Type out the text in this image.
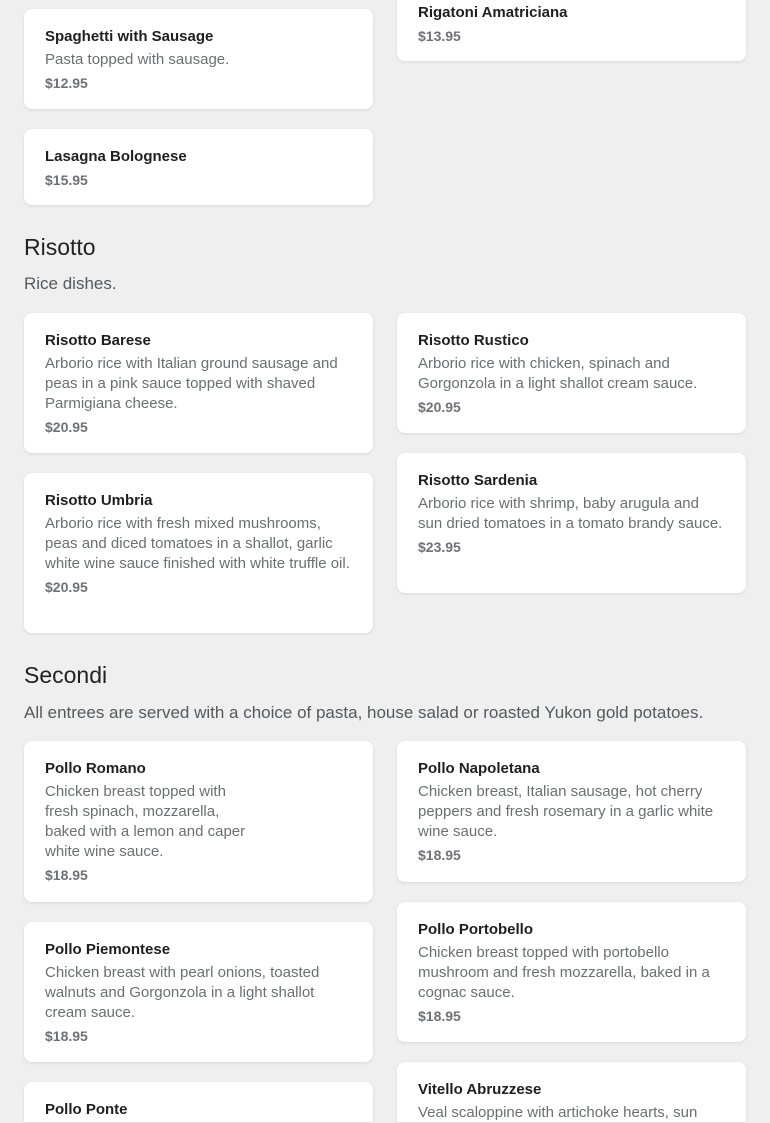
Spaghetti with Sausage
Pasta topped with sausage.
$12.95
Rigatoni Amatriciana
$13.95
Lasagna Bolognese
$15.95
Risotto

Rice dishes.

Risotto Barese
Arborio rice with Italian ground sausage and peas in a pink sauce topped with shaved Parmigiana cheese.
$20.95
Risotto Rustico
Arborio rice with chicken, spinach and Gorgonzola in a light shallot cream sauce.
$20.95
Risotto Umbria
Arborio rice with fresh mixed mushrooms, peas and diced tomatoes in a shallot, garlic white wine sauce finished with white truffle oil.
$20.95
Risotto Sardenia
Arborio rice with shrimp, baby arugula and sun dried tomatoes in a tomato brandy sauce.
$23.95
Secondi

All entrees are served with a choice of pasta, house salad or roasted Yukon gold potatoes.

Pollo Romano
Chicken breast topped with fresh spinach, mozzarella, baked with a lemon and caper white wine sauce.
$18.95
Pollo Napoletana
Chicken breast, Italian sausage, hot cherry peppers and fresh rosemary in a garlic white wine sauce.
$18.95
Pollo Piemontese
Chicken breast with pearl onions, toasted walnuts and Gorgonzola in a light shallot cream sauce.
$18.95
Pollo Portobello
Chicken breast topped with portobello mushroom and fresh mozzarella, baked in a cognac sauce.
$18.95
Pollo Ponte
Vitello Abruzzese
Veal scaloppine with artichoke hearts, sun
